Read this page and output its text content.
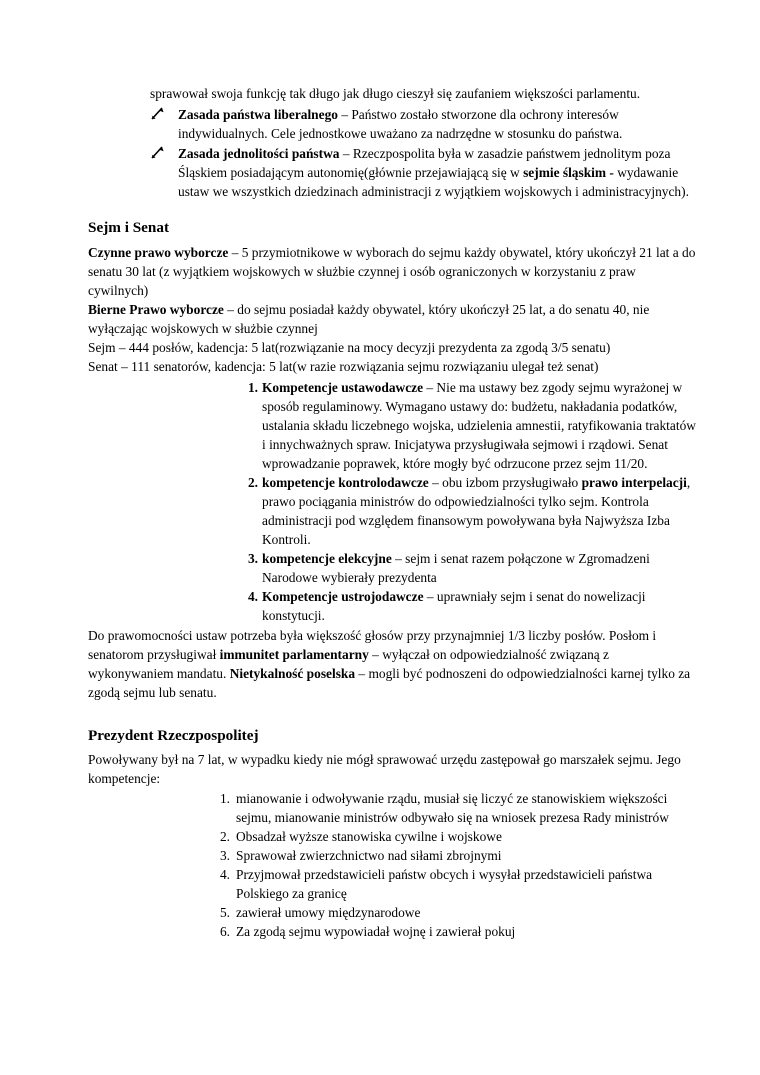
sprawował swoja funkcję tak długo jak długo cieszył się zaufaniem większości parlamentu.

Zasada państwa liberalnego – Państwo zostało stworzone dla ochrony interesów indywidualnych. Cele jednostkowe uważano za nadrzędne w stosunku do państwa.
Zasada jednolitości państwa – Rzeczpospolita była w zasadzie państwem jednolitym poza Śląskiem posiadającym autonomię(głównie przejawiającą się w sejmie śląskim - wydawanie ustaw we wszystkich dziedzinach administracji z wyjątkiem wojskowych i administracyjnych).
Sejm i Senat

Czynne prawo wyborcze – 5 przymiotnikowe w wyborach do sejmu każdy obywatel, który ukończył 21 lat a do senatu 30 lat (z wyjątkiem wojskowych w służbie czynnej i osób ograniczonych w korzystaniu z praw cywilnych)

Bierne Prawo wyborcze – do sejmu posiadał każdy obywatel, który ukończył 25 lat, a do senatu 40, nie wyłączając wojskowych w służbie czynnej

Sejm – 444 posłów, kadencja: 5 lat(rozwiązanie na mocy decyzji prezydenta za zgodą 3/5 senatu)

Senat – 111 senatorów, kadencja: 5 lat(w razie rozwiązania sejmu rozwiązaniu ulegał też senat)

1. Kompetencje ustawodawcze – Nie ma ustawy bez zgody sejmu wyrażonej w sposób regulaminowy. Wymagano ustawy do: budżetu, nakładania podatków, ustalania składu liczebnego wojska, udzielenia amnestii, ratyfikowania traktatów i innychważnych spraw. Inicjatywa przysługiwała sejmowi i rządowi. Senat wprowadzanie poprawek, które mogły być odrzucone przez sejm 11/20.
2. kompetencje kontrolodawcze – obu izbom przysługiwało prawo interpelacji, prawo pociągania ministrów do odpowiedzialności tylko sejm. Kontrola administracji pod względem finansowym powoływana była Najwyższa Izba Kontroli.
3. kompetencje elekcyjne – sejm i senat razem połączone w Zgromadzeni Narodowe wybierały prezydenta
4. Kompetencje ustrojodawcze – uprawniały sejm i senat do nowelizacji konstytucji.

Do prawomocności ustaw potrzeba była większość głosów przy przynajmniej 1/3 liczby posłów. Posłom i senatorom przysługiwał immunitet parlamentarny – wyłączał on odpowiedzialność związaną z wykonywaniem mandatu. Nietykalność poselska – mogli być podnoszeni do odpowiedzialności karnej tylko za zgodą sejmu lub senatu.

Prezydent Rzeczpospolitej

Powoływany był na 7 lat, w wypadku kiedy nie mógł sprawować urzędu zastępował go marszałek sejmu. Jego kompetencje:

1. mianowanie i odwoływanie rządu, musiał się liczyć ze stanowiskiem większości sejmu, mianowanie ministrów odbywało się na wniosek prezesa Rady ministrów
2. Obsadzał wyższe stanowiska cywilne i wojskowe
3. Sprawował zwierzchnictwo nad siłami zbrojnymi
4. Przyjmował przedstawicieli państw obcych i wysyłał przedstawicieli państwa Polskiego za granicę
5. zawierał umowy międzynarodowe
6. Za zgodą sejmu wypowiadał wojnę i zawierał pokuj
